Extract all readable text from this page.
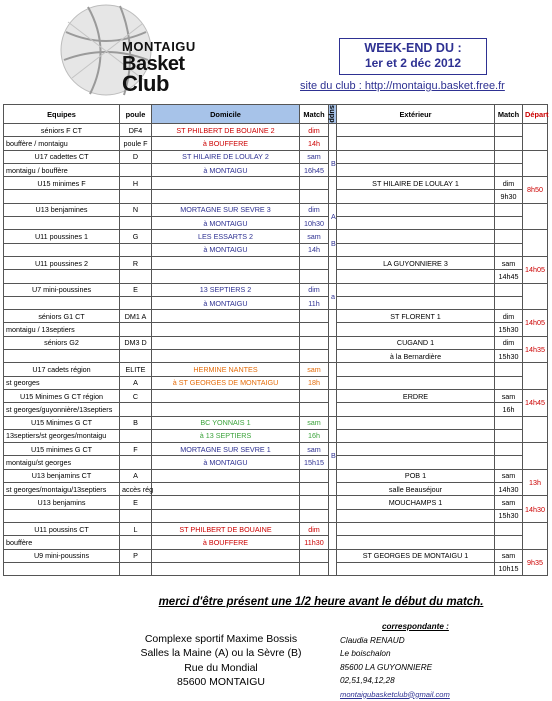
MONTAIGU
Basket
Club
WEEK-END DU :
1er et 2 déc 2012
site du club : http://montaigu.basket.free.fr
Equipes	poule	Domicile	Match	supp	Extérieur	Match	Départ
séniors F CT	DF4	ST PHILBERT DE BOUAINE 2	dim				
bouffère / montaigu	poule F	à BOUFFERE	14h				
U17 cadettes CT	D	ST HILAIRE DE LOULAY 2	sam	B			
montaigu / bouffère		à MONTAIGU	16h45				
U15 minimes F	H				ST HILAIRE DE LOULAY 1	dim	8h50
						9h30	
U13 benjamines	N	MORTAGNE SUR SEVRE 3	dim	A			
		à MONTAIGU	10h30				
U11 poussines 1	G	LES ESSARTS 2	sam	B			
		à MONTAIGU	14h				
U11 poussines 2	R				LA GUYONNIERE 3	sam	14h05
						14h45	
U7 mini-poussines	E	13 SEPTIERS 2	dim	a			
		à MONTAIGU	11h				
séniors G1 CT	DM1 A				ST FLORENT 1	dim	14h05
montaigu / 13septiers						15h30	
séniors G2	DM3 D				CUGAND 1	dim	14h35
					à la Bernardière	15h30	
U17 cadets région	ELITE	HERMINE NANTES	sam				
st georges	A	à ST GEORGES DE MONTAIGU	18h				
U15 Minimes G CT région	C				ERDRE	sam	14h45
st georges/guyonnière/13septiers						16h	
U15 Minimes G CT	B	BC YONNAIS 1	sam				
13septiers/st georges/montaigu		à 13 SEPTIERS	16h				
U15 minimes G CT	F	MORTAGNE SUR SEVRE 1	sam	B			
montaigu/st georges		à MONTAIGU	15h15				
U13 benjamins CT	A				POB 1	sam	13h
st georges/montaigu/13septiers	accès rég				salle Beauséjour	14h30	
U13 benjamins	E				MOUCHAMPS 1	sam	14h30
						15h30	
U11 poussins CT	L	ST PHILBERT DE BOUAINE	dim				
bouffère		à BOUFFERE	11h30				
U9 mini-poussins	P				ST GEORGES DE MONTAIGU 1	sam	9h35
						10h15	
merci d'être présent une 1/2 heure avant le début du match.
Complexe sportif Maxime Bossis
Salles la Maine (A) ou la Sèvre (B)
Rue du Mondial
85600 MONTAIGU
correspondante :
Claudia RENAUD
Le boischalon
85600 LA GUYONNIERE
02,51,94,12,28
montaigubasketclub@gmail.com
